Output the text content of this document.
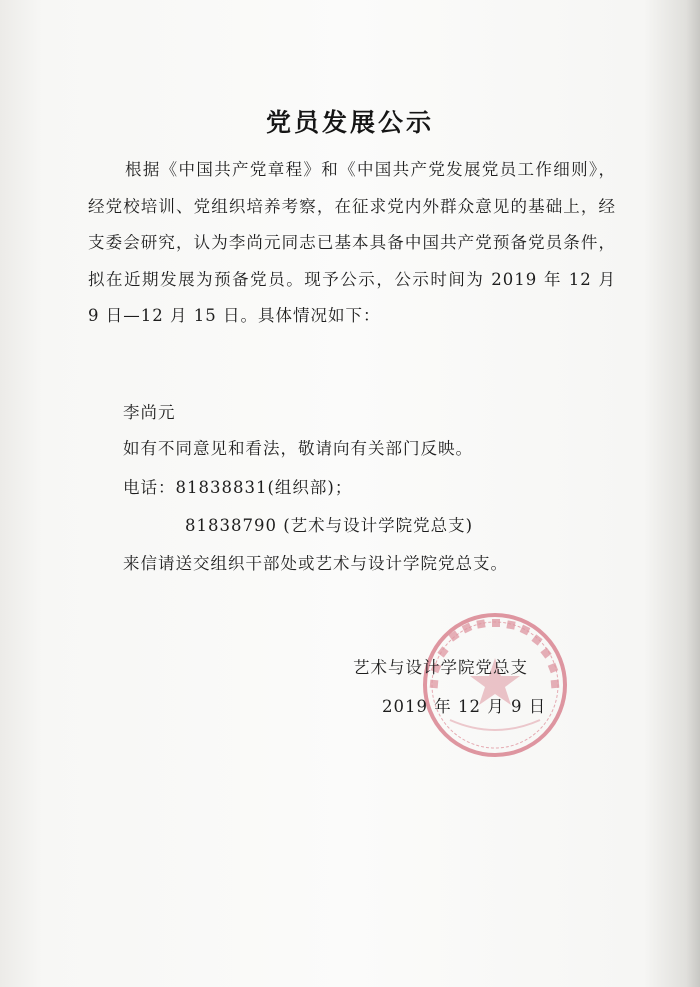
党员发展公示

根据《中国共产党章程》和《中国共产党发展党员工作细则》，经党校培训、党组织培养考察，在征求党内外群众意见的基础上，经支委会研究，认为李尚元同志已基本具备中国共产党预备党员条件，拟在近期发展为预备党员。现予公示，公示时间为 2019 年 12 月 9 日—12 月 15 日。具体情况如下：

李尚元

如有不同意见和看法，敬请向有关部门反映。

电话：81838831(组织部)；

81838790 (艺术与设计学院党总支)

来信请送交组织干部处或艺术与设计学院党总支。

艺术与设计学院党总支

2019 年 12 月 9 日
